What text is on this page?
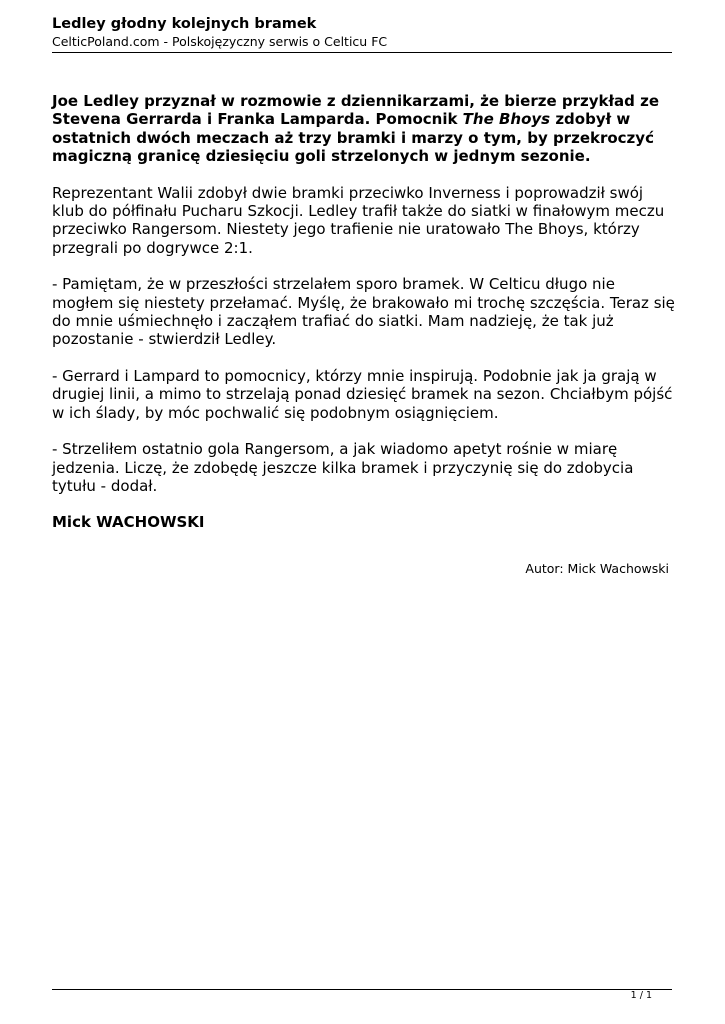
Ledley głodny kolejnych bramek
CelticPoland.com - Polskojęzyczny serwis o Celticu FC

Joe Ledley przyznał w rozmowie z dziennikarzami, że bierze przykład ze Stevena Gerrarda i Franka Lamparda. Pomocnik The Bhoys zdobył w ostatnich dwóch meczach aż trzy bramki i marzy o tym, by przekroczyć magiczną granicę dziesięciu goli strzelonych w jednym sezonie.

Reprezentant Walii zdobył dwie bramki przeciwko Inverness i poprowadził swój klub do półfinału Pucharu Szkocji. Ledley trafił także do siatki w finałowym meczu przeciwko Rangersom. Niestety jego trafienie nie uratowało The Bhoys, którzy przegrali po dogrywce 2:1.

- Pamiętam, że w przeszłości strzelałem sporo bramek. W Celticu długo nie mogłem się niestety przełamać. Myślę, że brakowało mi trochę szczęścia. Teraz się do mnie uśmiechnęło i zacząłem trafiać do siatki. Mam nadzieję, że tak już pozostanie - stwierdził Ledley.

- Gerrard i Lampard to pomocnicy, którzy mnie inspirują. Podobnie jak ja grają w drugiej linii, a mimo to strzelają ponad dziesięć bramek na sezon. Chciałbym pójść w ich ślady, by móc pochwalić się podobnym osiągnięciem.

- Strzeliłem ostatnio gola Rangersom, a jak wiadomo apetyt rośnie w miarę jedzenia. Liczę, że zdobędę jeszcze kilka bramek i przyczynię się do zdobycia tytułu - dodał.

Mick WACHOWSKI

Autor: Mick Wachowski
1 / 1
